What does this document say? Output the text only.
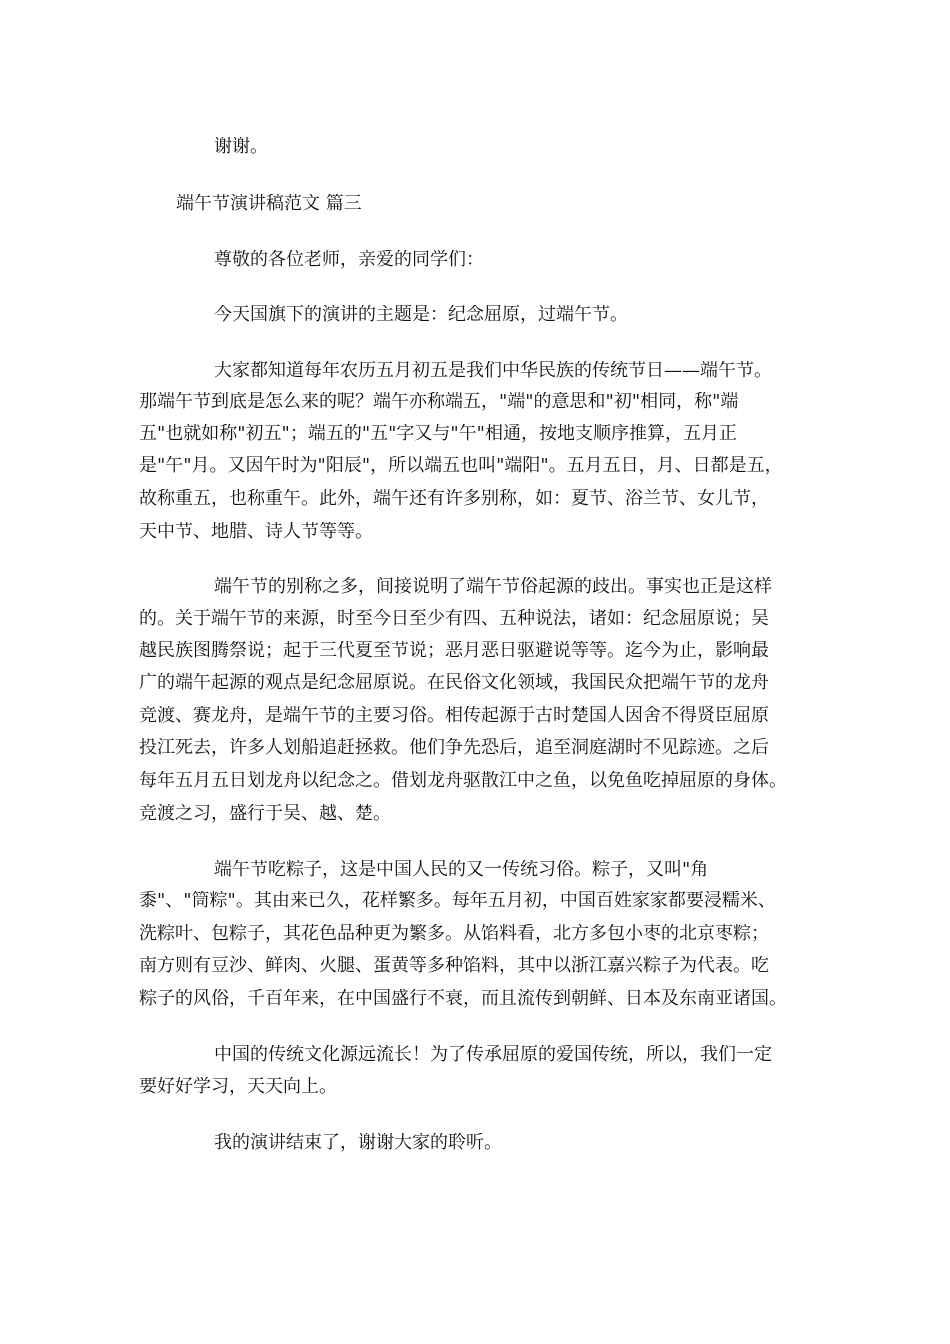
谢谢。
端午节演讲稿范文 篇三
尊敬的各位老师，亲爱的同学们：
今天国旗下的演讲的主题是：纪念屈原，过端午节。
大家都知道每年农历五月初五是我们中华民族的传统节日——端午节。
那端午节到底是怎么来的呢？端午亦称端五，"端"的意思和"初"相同，称"端
五"也就如称"初五"；端五的"五"字又与"午"相通，按地支顺序推算，五月正
是"午"月。又因午时为"阳辰"，所以端五也叫"端阳"。五月五日，月、日都是五，
故称重五，也称重午。此外，端午还有许多别称，如：夏节、浴兰节、女儿节，
天中节、地腊、诗人节等等。
端午节的别称之多，间接说明了端午节俗起源的歧出。事实也正是这样
的。关于端午节的来源，时至今日至少有四、五种说法，诸如：纪念屈原说；吴
越民族图腾祭说；起于三代夏至节说；恶月恶日驱避说等等。迄今为止，影响最
广的端午起源的观点是纪念屈原说。在民俗文化领域，我国民众把端午节的龙舟
竞渡、赛龙舟，是端午节的主要习俗。相传起源于古时楚国人因舍不得贤臣屈原
投江死去，许多人划船追赶拯救。他们争先恐后，追至洞庭湖时不见踪迹。之后
每年五月五日划龙舟以纪念之。借划龙舟驱散江中之鱼，以免鱼吃掉屈原的身体。
竞渡之习，盛行于吴、越、楚。
端午节吃粽子，这是中国人民的又一传统习俗。粽子，又叫"角
黍"、"筒粽"。其由来已久，花样繁多。每年五月初，中国百姓家家都要浸糯米、
洗粽叶、包粽子，其花色品种更为繁多。从馅料看，北方多包小枣的北京枣粽；
南方则有豆沙、鲜肉、火腿、蛋黄等多种馅料，其中以浙江嘉兴粽子为代表。吃
粽子的风俗，千百年来，在中国盛行不衰，而且流传到朝鲜、日本及东南亚诸国。
中国的传统文化源远流长！为了传承屈原的爱国传统，所以，我们一定
要好好学习，天天向上。
我的演讲结束了，谢谢大家的聆听。
